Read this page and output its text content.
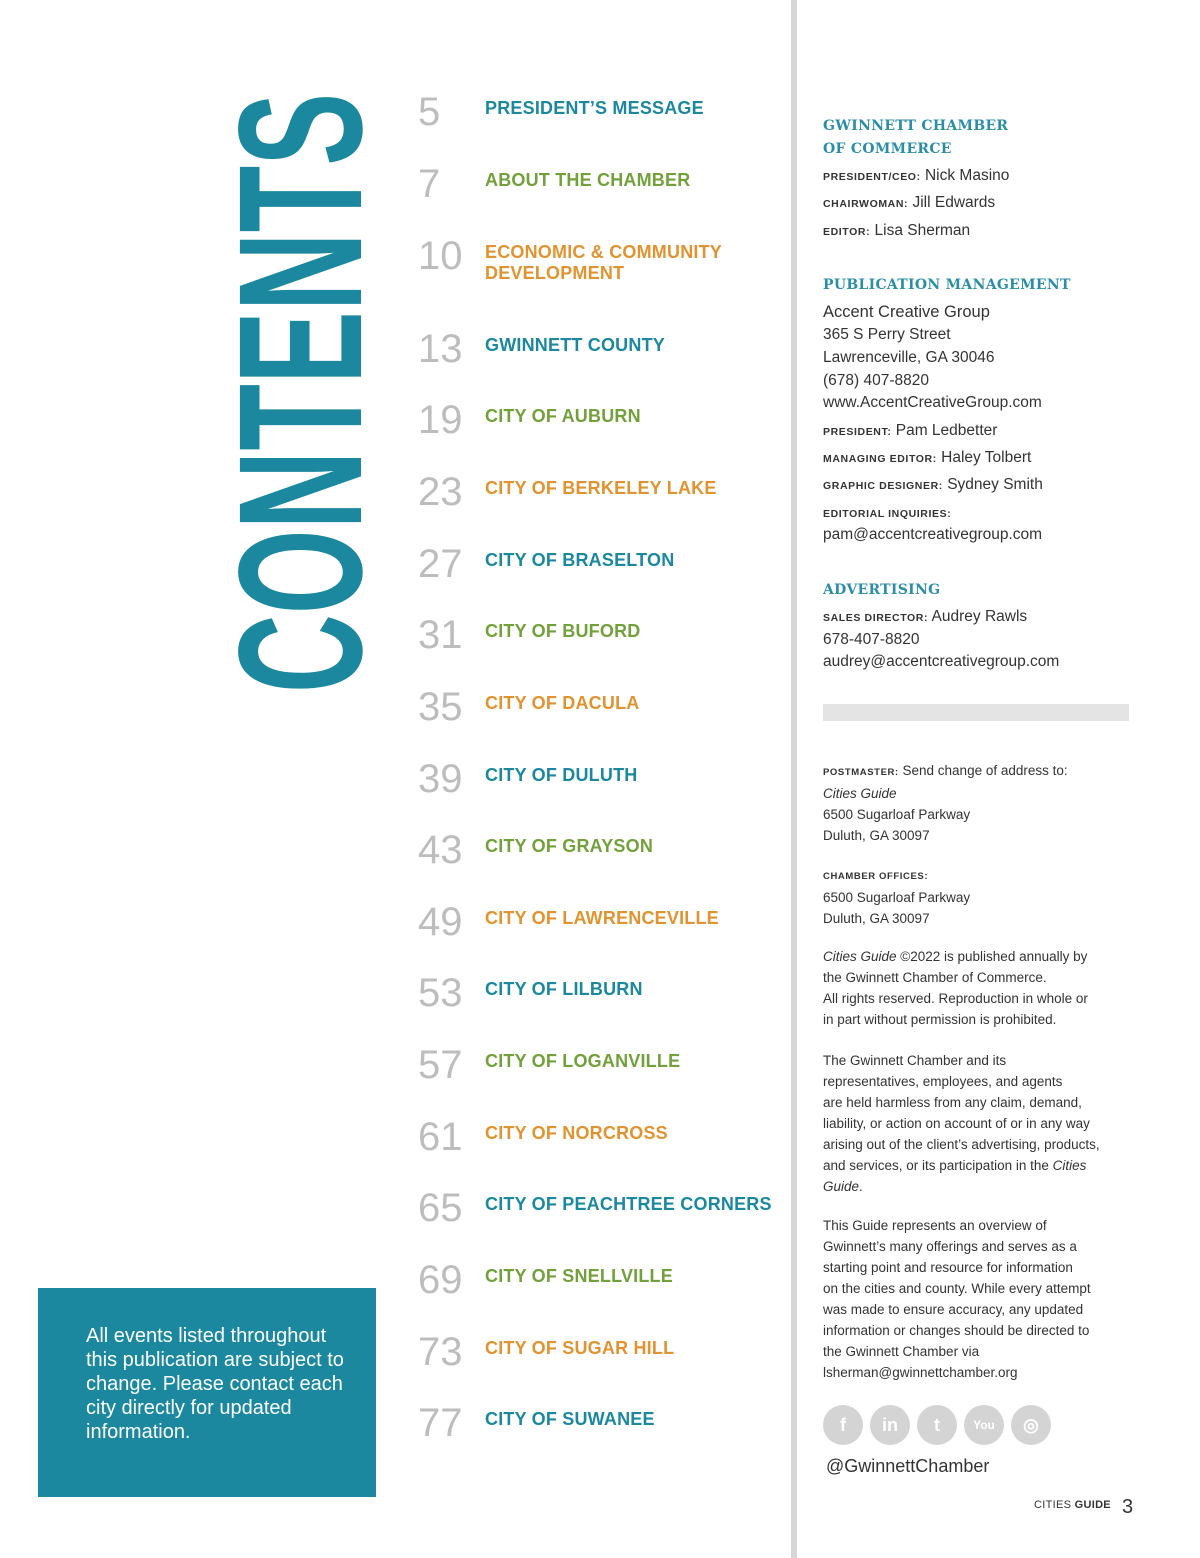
CONTENTS
All events listed throughout this publication are subject to change. Please contact each city directly for updated information.
5	PRESIDENT’S MESSAGE
7	ABOUT THE CHAMBER
10	ECONOMIC & COMMUNITY DEVELOPMENT
13	GWINNETT COUNTY
19	CITY OF AUBURN
23	CITY OF BERKELEY LAKE
27	CITY OF BRASELTON
31	CITY OF BUFORD
35	CITY OF DACULA
39	CITY OF DULUTH
43	CITY OF GRAYSON
49	CITY OF LAWRENCEVILLE
53	CITY OF LILBURN
57	CITY OF LOGANVILLE
61	CITY OF NORCROSS
65	CITY OF PEACHTREE CORNERS
69	CITY OF SNELLVILLE
73	CITY OF SUGAR HILL
77	CITY OF SUWANEE
GWINNETT CHAMBER
OF COMMERCE
PRESIDENT/CEO: Nick Masino
CHAIRWOMAN: Jill Edwards
EDITOR: Lisa Sherman
PUBLICATION MANAGEMENT
Accent Creative Group
365 S Perry Street
Lawrenceville, GA 30046
(678) 407-8820
www.AccentCreativeGroup.com
PRESIDENT: Pam Ledbetter
MANAGING EDITOR: Haley Tolbert
GRAPHIC DESIGNER: Sydney Smith
EDITORIAL INQUIRIES:
pam@accentcreativegroup.com
ADVERTISING
SALES DIRECTOR: Audrey Rawls
678-407-8820
audrey@accentcreativegroup.com
POSTMASTER: Send change of address to:
Cities Guide
6500 Sugarloaf Parkway
Duluth, GA 30097
CHAMBER OFFICES:
6500 Sugarloaf Parkway
Duluth, GA 30097
Cities Guide ©2022 is published annually by
the Gwinnett Chamber of Commerce.
All rights reserved. Reproduction in whole or
in part without permission is prohibited.
The Gwinnett Chamber and its
representatives, employees, and agents
are held harmless from any claim, demand,
liability, or action on account of or in any way
arising out of the client’s advertising, products,
and services, or its participation in the Cities
Guide.
This Guide represents an overview of
Gwinnett’s many offerings and serves as a
starting point and resource for information
on the cities and county. While every attempt
was made to ensure accuracy, any updated
information or changes should be directed to
the Gwinnett Chamber via
lsherman@gwinnettchamber.org
f	in	t	You	◎
@GwinnettChamber
CITIES GUIDE 3
